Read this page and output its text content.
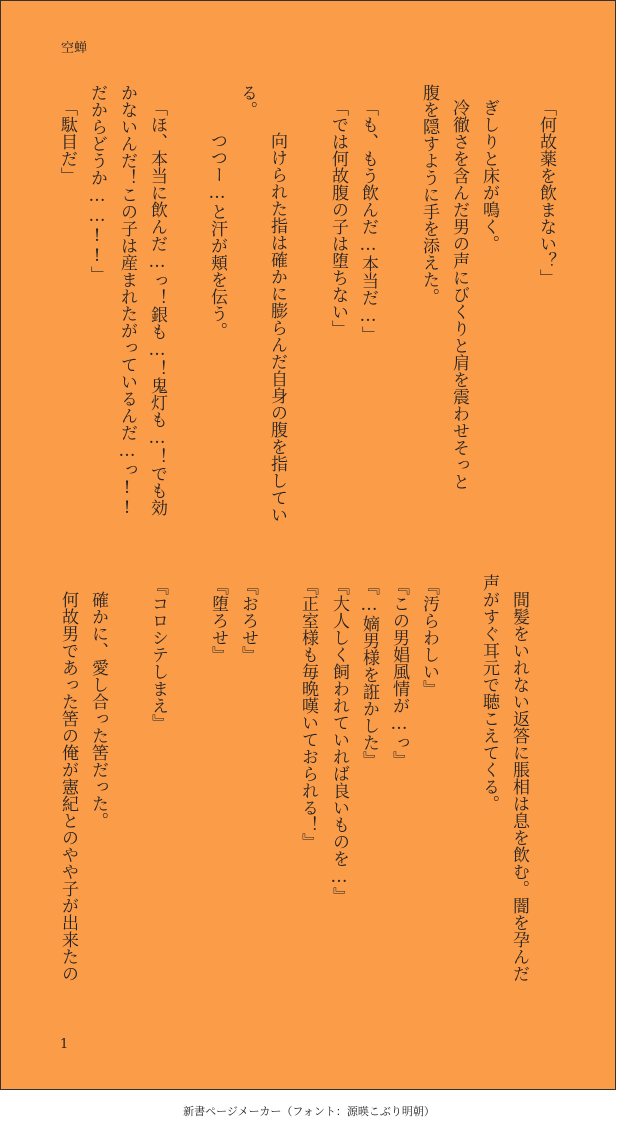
空蝉
「何故薬を飲まない？」
ぎしりと床が鳴く。
冷徹さを含んだ男の声にびくりと肩を震わせそっと
腹を隠すように手を添えた。
「も、もう飲んだ…本当だ…」
「では何故腹の子は堕ちない」
向けられた指は確かに膨らんだ自身の腹を指してい
る。
つつー…と汗が頬を伝う。
「ほ、本当に飲んだ…っ！銀も…！鬼灯も…！でも効
かないんだ！この子は産まれたがっているんだ…っ!!
だからどうか……!!」
「駄目だ」
間髪をいれない返答に脹相は息を飲む。闇を孕んだ
声がすぐ耳元で聴こえてくる。
『汚らわしい』
『この男娼風情が…っ』
『…嫡男様を誑かした』
『大人しく飼われていれば良いものを…』
『正室様も毎晩嘆いておられる！』
『おろせ』
『堕ろせ』
『コロシテしまえ』
確かに、愛し合った筈だった。
何故男であった筈の俺が憲紀とのやや子が出来たの
1
新書ページメーカー（フォント：源暎こぶり明朝）
